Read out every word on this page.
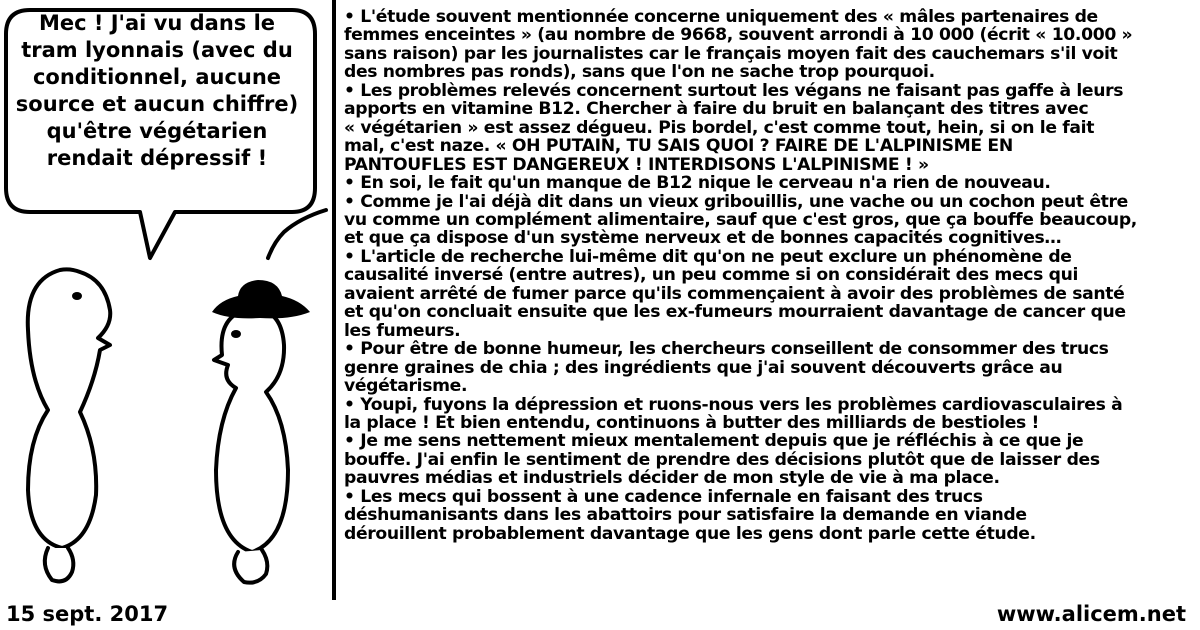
Mec ! J'ai vu dans le
tram lyonnais (avec du
conditionnel, aucune
source et aucun chiffre)
qu'être végétarien
rendait dépressif !
• L'étude souvent mentionnée concerne uniquement des « mâles partenaires de
femmes enceintes » (au nombre de 9668, souvent arrondi à 10 000 (écrit « 10.000 »
sans raison) par les journalistes car le français moyen fait des cauchemars s'il voit
des nombres pas ronds), sans que l'on ne sache trop pourquoi.
• Les problèmes relevés concernent surtout les végans ne faisant pas gaffe à leurs
apports en vitamine B12. Chercher à faire du bruit en balançant des titres avec
« végétarien » est assez dégueu. Pis bordel, c'est comme tout, hein, si on le fait
mal, c'est naze. « OH PUTAIN, TU SAIS QUOI ? FAIRE DE L'ALPINISME EN
PANTOUFLES EST DANGEREUX ! INTERDISONS L'ALPINISME ! »
• En soi, le fait qu'un manque de B12 nique le cerveau n'a rien de nouveau.
• Comme je l'ai déjà dit dans un vieux gribouillis, une vache ou un cochon peut être
vu comme un complément alimentaire, sauf que c'est gros, que ça bouffe beaucoup,
et que ça dispose d'un système nerveux et de bonnes capacités cognitives…
• L'article de recherche lui-même dit qu'on ne peut exclure un phénomène de
causalité inversé (entre autres), un peu comme si on considérait des mecs qui
avaient arrêté de fumer parce qu'ils commençaient à avoir des problèmes de santé
et qu'on concluait ensuite que les ex-fumeurs mourraient davantage de cancer que
les fumeurs.
• Pour être de bonne humeur, les chercheurs conseillent de consommer des trucs
genre graines de chia ; des ingrédients que j'ai souvent découverts grâce au
végétarisme.
• Youpi, fuyons la dépression et ruons-nous vers les problèmes cardiovasculaires à
la place ! Et bien entendu, continuons à butter des milliards de bestioles !
• Je me sens nettement mieux mentalement depuis que je réfléchis à ce que je
bouffe. J'ai enfin le sentiment de prendre des décisions plutôt que de laisser des
pauvres médias et industriels décider de mon style de vie à ma place.
• Les mecs qui bossent à une cadence infernale en faisant des trucs
déshumanisants dans les abattoirs pour satisfaire la demande en viande
dérouillent probablement davantage que les gens dont parle cette étude.
15 sept. 2017	www.alicem.net
